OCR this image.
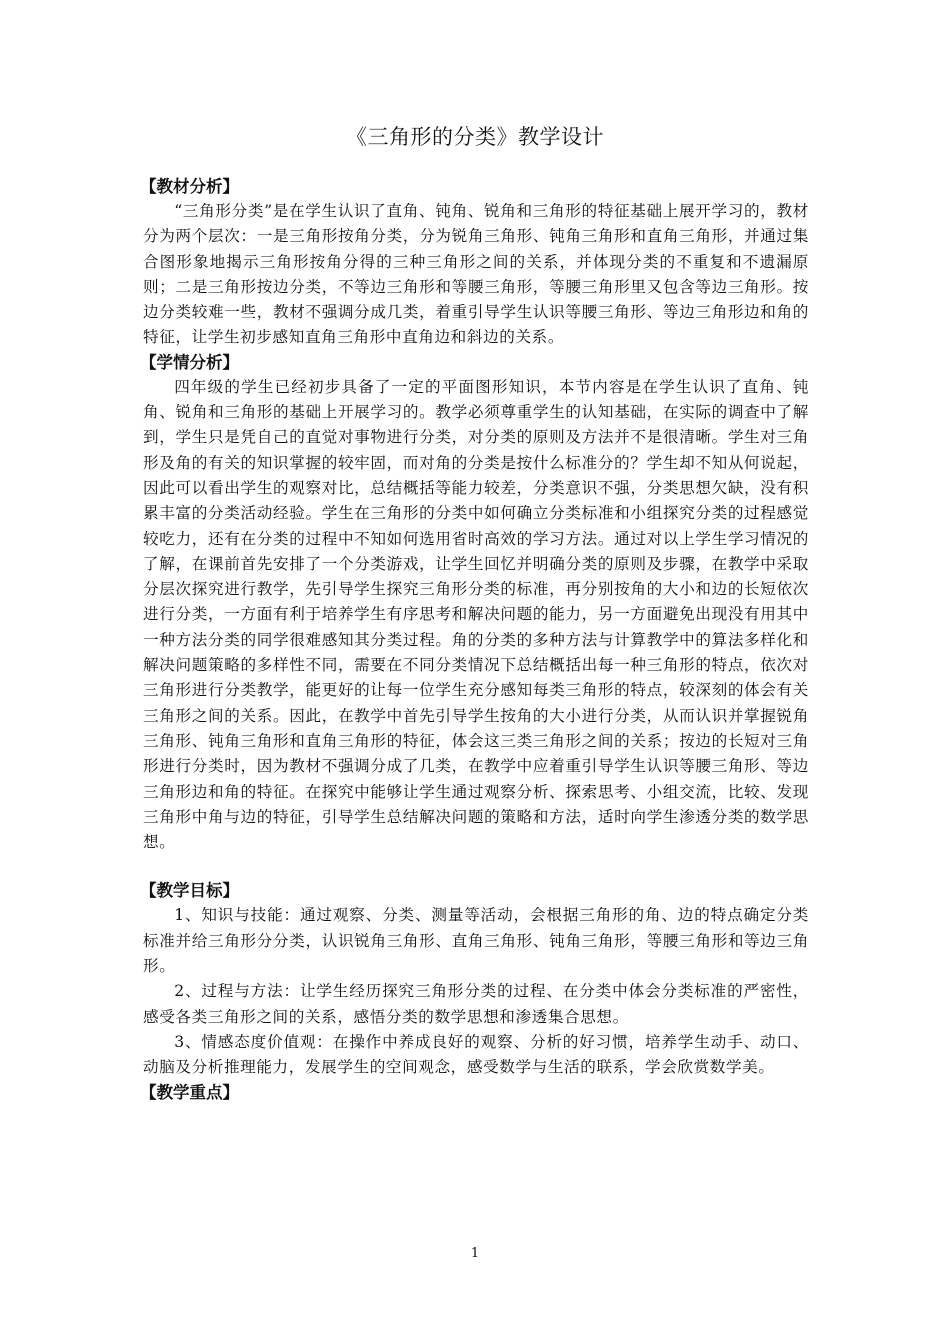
《三角形的分类》教学设计
【教材分析】

“三角形分类”是在学生认识了直角、钝角、锐角和三角形的特征基础上展开学习的，教材分为两个层次：一是三角形按角分类，分为锐角三角形、钝角三角形和直角三角形，并通过集合图形象地揭示三角形按角分得的三种三角形之间的关系，并体现分类的不重复和不遗漏原则；二是三角形按边分类，不等边三角形和等腰三角形，等腰三角形里又包含等边三角形。按边分类较难一些，教材不强调分成几类，着重引导学生认识等腰三角形、等边三角形边和角的特征，让学生初步感知直角三角形中直角边和斜边的关系。

【学情分析】

四年级的学生已经初步具备了一定的平面图形知识，本节内容是在学生认识了直角、钝角、锐角和三角形的基础上开展学习的。教学必须尊重学生的认知基础，在实际的调查中了解到，学生只是凭自己的直觉对事物进行分类，对分类的原则及方法并不是很清晰。学生对三角形及角的有关的知识掌握的较牢固，而对角的分类是按什么标准分的？学生却不知从何说起，因此可以看出学生的观察对比，总结概括等能力较差，分类意识不强，分类思想欠缺，没有积累丰富的分类活动经验。学生在三角形的分类中如何确立分类标准和小组探究分类的过程感觉较吃力，还有在分类的过程中不知如何选用省时高效的学习方法。通过对以上学生学习情况的了解，在课前首先安排了一个分类游戏，让学生回忆并明确分类的原则及步骤，在教学中采取分层次探究进行教学，先引导学生探究三角形分类的标准，再分别按角的大小和边的长短依次进行分类，一方面有利于培养学生有序思考和解决问题的能力，另一方面避免出现没有用其中一种方法分类的同学很难感知其分类过程。角的分类的多种方法与计算教学中的算法多样化和解决问题策略的多样性不同，需要在不同分类情况下总结概括出每一种三角形的特点，依次对三角形进行分类教学，能更好的让每一位学生充分感知每类三角形的特点，较深刻的体会有关三角形之间的关系。因此，在教学中首先引导学生按角的大小进行分类，从而认识并掌握锐角三角形、钝角三角形和直角三角形的特征，体会这三类三角形之间的关系；按边的长短对三角形进行分类时，因为教材不强调分成了几类，在教学中应着重引导学生认识等腰三角形、等边三角形边和角的特征。在探究中能够让学生通过观察分析、探索思考、小组交流，比较、发现三角形中角与边的特征，引导学生总结解决问题的策略和方法，适时向学生渗透分类的数学思想。

【教学目标】

1、知识与技能：通过观察、分类、测量等活动，会根据三角形的角、边的特点确定分类标准并给三角形分分类，认识锐角三角形、直角三角形、钝角三角形，等腰三角形和等边三角形。

2、过程与方法：让学生经历探究三角形分类的过程、在分类中体会分类标准的严密性，感受各类三角形之间的关系，感悟分类的数学思想和渗透集合思想。

3、情感态度价值观：在操作中养成良好的观察、分析的好习惯，培养学生动手、动口、动脑及分析推理能力，发展学生的空间观念，感受数学与生活的联系，学会欣赏数学美。

【教学重点】
1
